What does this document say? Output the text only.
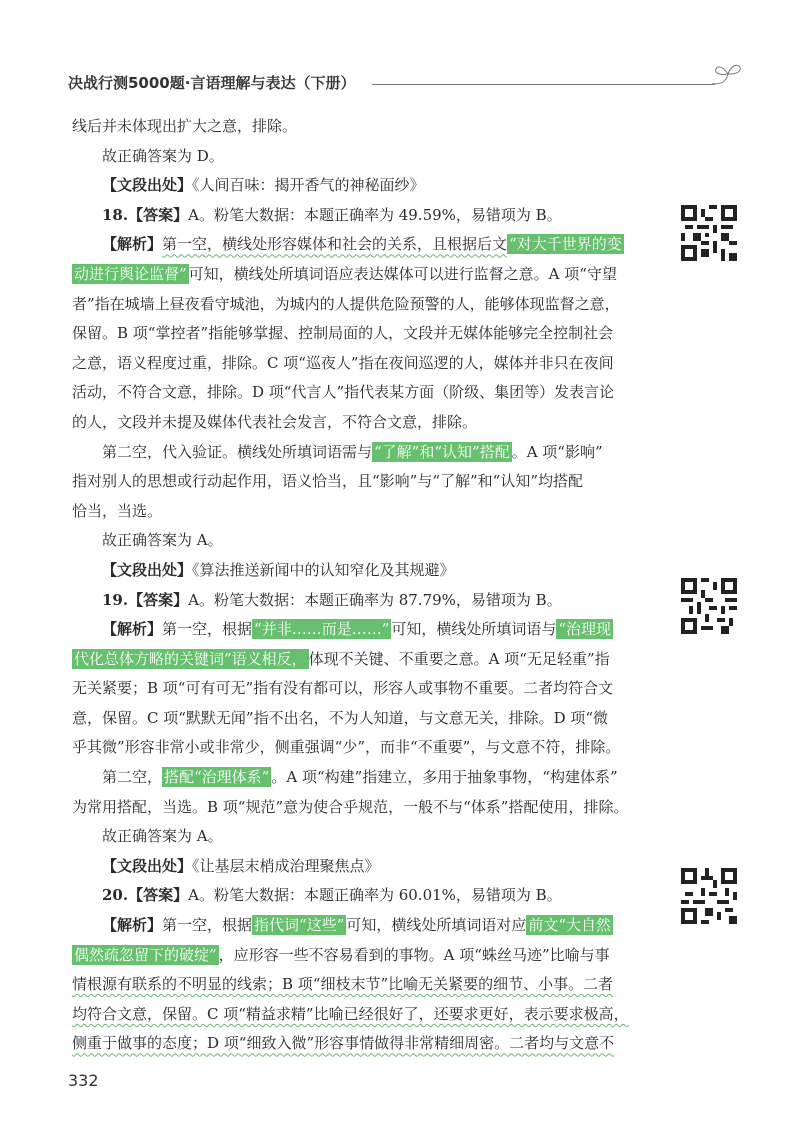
决战行测5000题·言语理解与表达（下册）
线后并未体现出扩大之意，排除。
故正确答案为 D。
【文段出处】《人间百味：揭开香气的神秘面纱》
18.【答案】A。粉笔大数据：本题正确率为 49.59%，易错项为 B。
【解析】第一空，横线处形容媒体和社会的关系，且根据后文 “对大千世界的变
动进行舆论监督” 可知，横线处所填词语应表达媒体可以进行监督之意。A 项“守望
者”指在城墙上昼夜看守城池，为城内的人提供危险预警的人，能够体现监督之意，
保留。B 项“掌控者”指能够掌握、控制局面的人，文段并无媒体能够完全控制社会
之意，语义程度过重，排除。C 项“巡夜人”指在夜间巡逻的人，媒体并非只在夜间
活动，不符合文意，排除。D 项“代言人”指代表某方面（阶级、集团等）发表言论
的人，文段并未提及媒体代表社会发言，不符合文意，排除。
第二空，代入验证。横线处所填词语需与 “了解”和“认知”搭配 。A 项“影响”
指对别人的思想或行动起作用，语义恰当，且“影响”与“了解”和“认知”均搭配
恰当，当选。
故正确答案为 A。
【文段出处】《算法推送新闻中的认知窄化及其规避》
19.【答案】A。粉笔大数据：本题正确率为 87.79%，易错项为 B。
【解析】第一空，根据 “并非……而是……” 可知，横线处所填词语与 “治理现
代化总体方略的关键词”语义相反， 体现不关键、不重要之意。A 项“无足轻重”指
无关紧要；B 项“可有可无”指有没有都可以，形容人或事物不重要。二者均符合文
意，保留。C 项“默默无闻”指不出名，不为人知道，与文意无关，排除。D 项“微
乎其微”形容非常小或非常少，侧重强调“少”，而非“不重要”，与文意不符，排除。
第二空， 搭配“治理体系” 。A 项“构建”指建立，多用于抽象事物，“构建体系”
为常用搭配，当选。B 项“规范”意为使合乎规范，一般不与“体系”搭配使用，排除。
故正确答案为 A。
【文段出处】《让基层末梢成治理聚焦点》
20.【答案】A。粉笔大数据：本题正确率为 60.01%，易错项为 B。
【解析】第一空，根据 指代词“这些” 可知，横线处所填词语对应 前文“大自然
偶然疏忽留下的破绽” ，应形容一些不容易看到的事物。A 项“蛛丝马迹”比喻与事
情根源有联系的不明显的线索；B 项“细枝末节”比喻无关紧要的细节、小事。二者
均符合文意，保留。C 项“精益求精”比喻已经很好了，还要求更好，表示要求极高，
侧重于做事的态度；D 项“细致入微”形容事情做得非常精细周密。二者均与文意不
332
